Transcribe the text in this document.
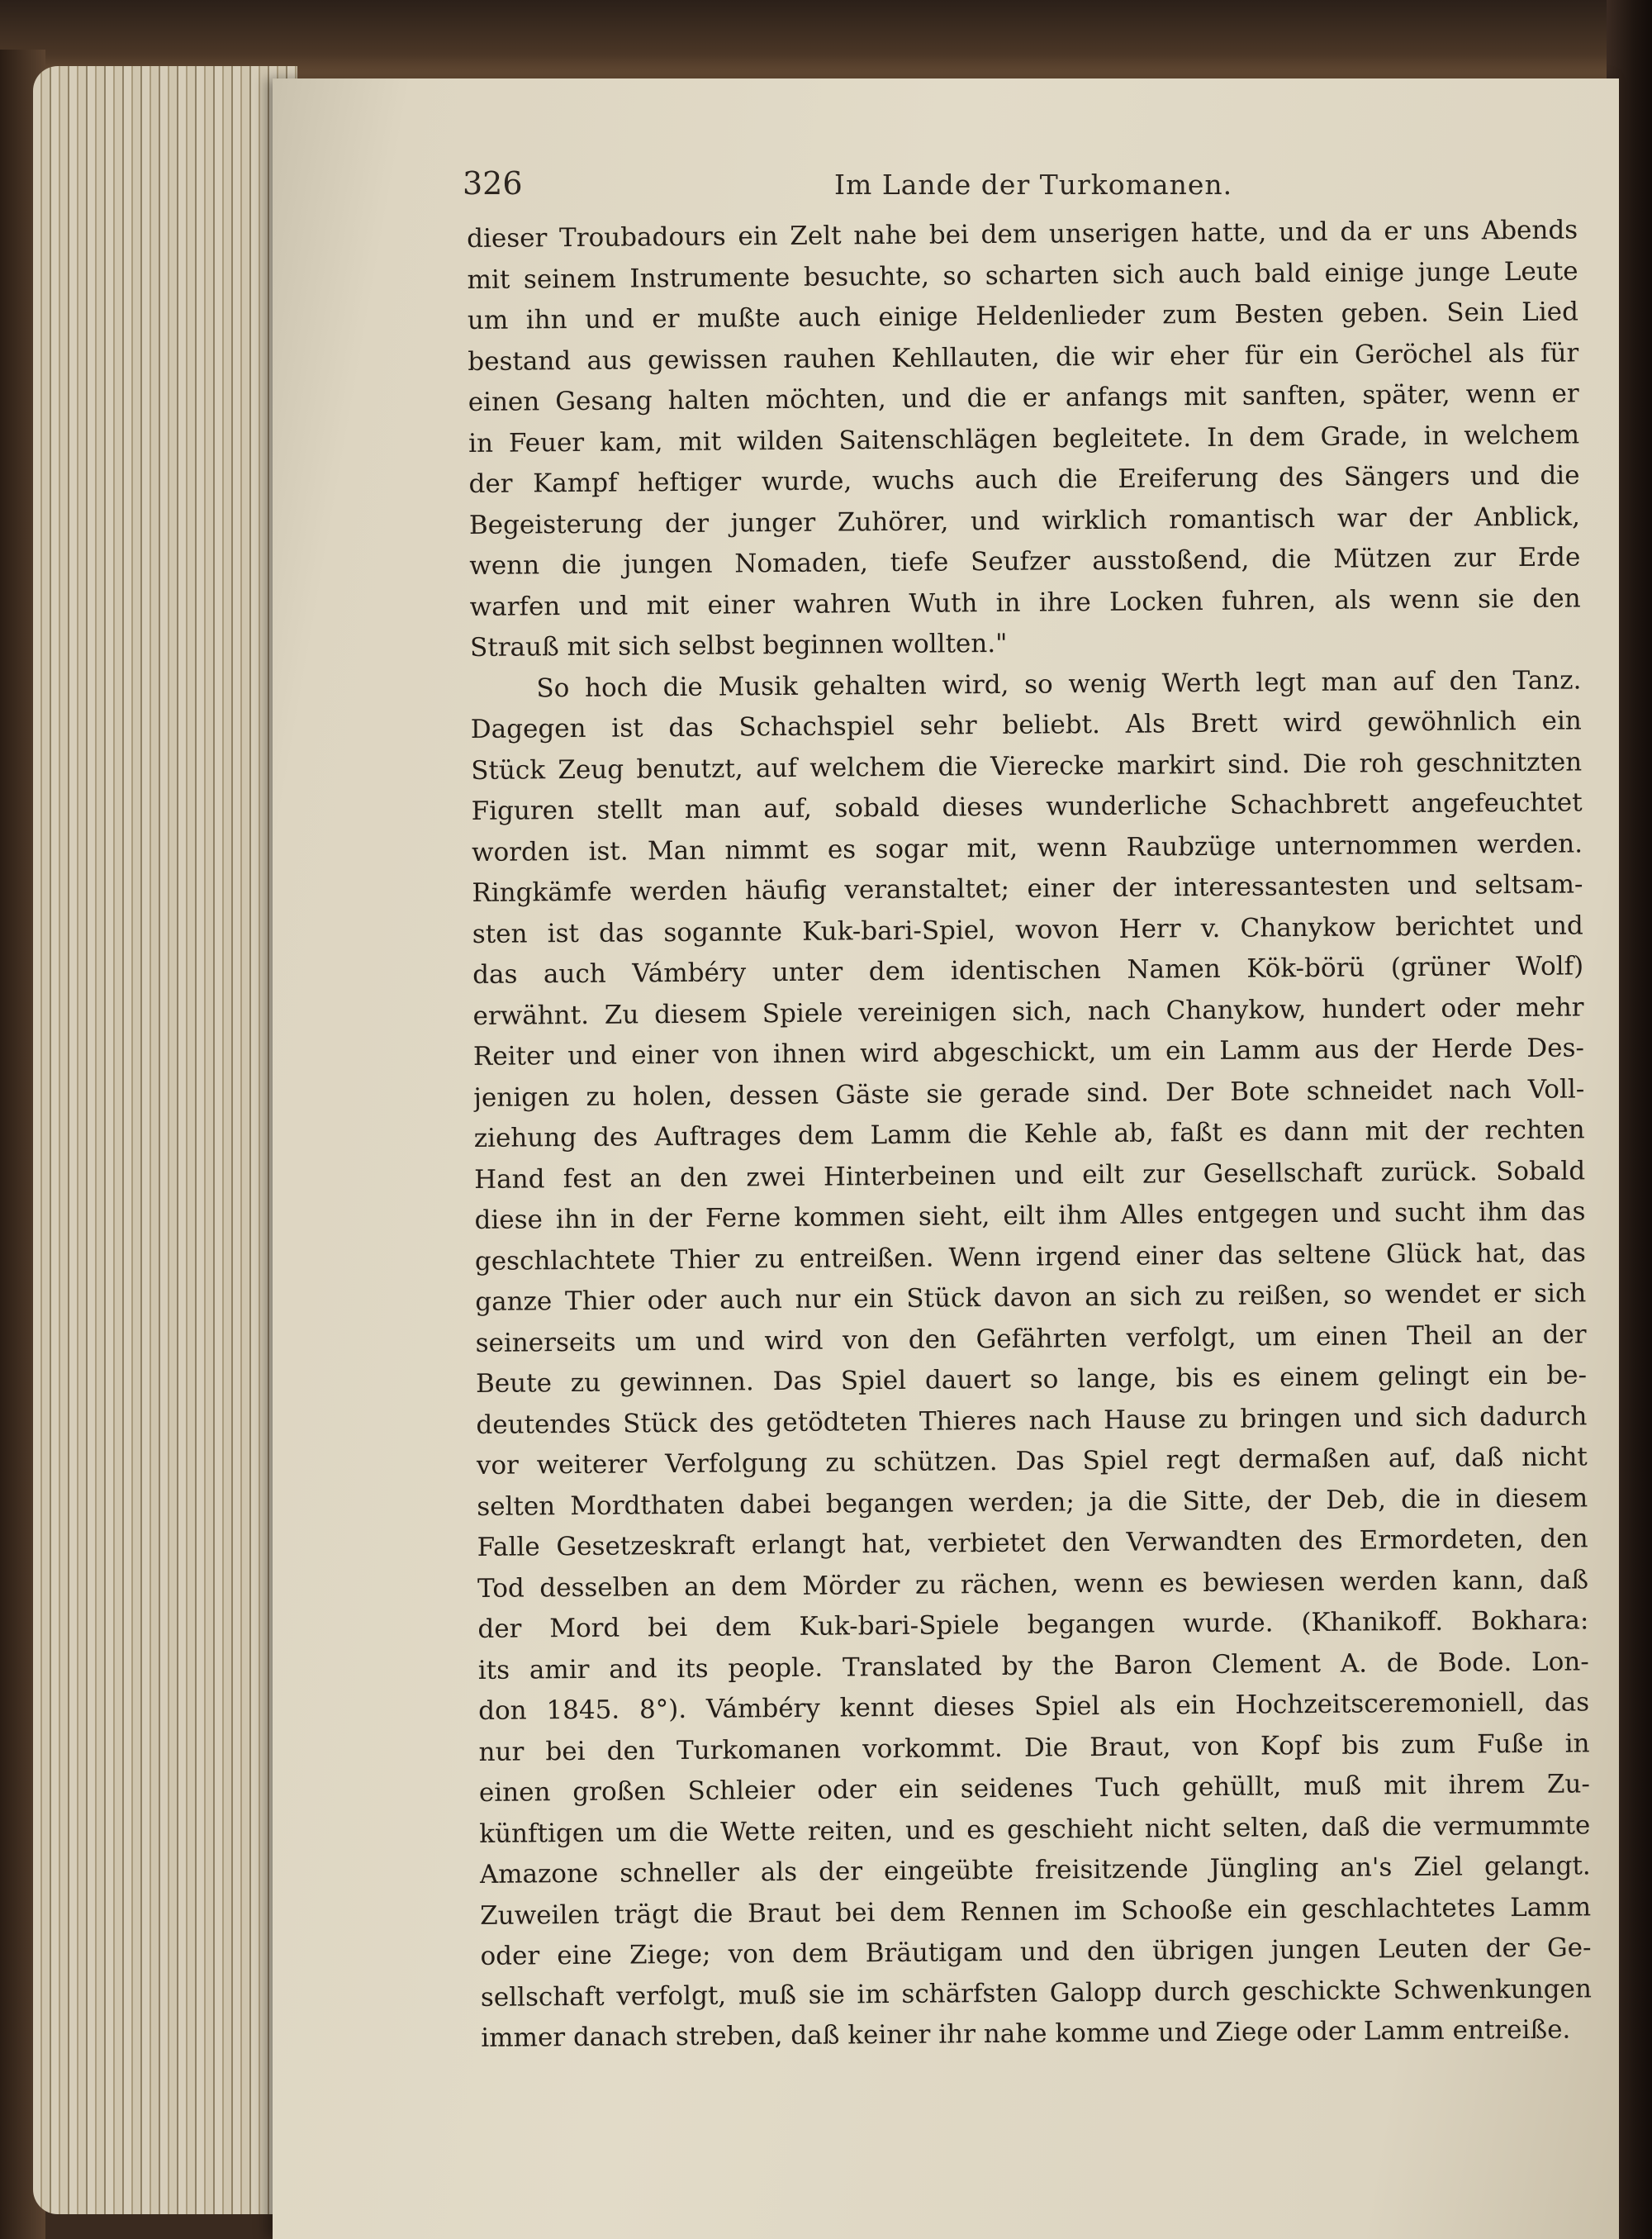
326	Im Lande der Turkomanen.
dieser Troubadours ein Zelt nahe bei dem unserigen hatte, und da er uns Abends
mit seinem Instrumente besuchte, so scharten sich auch bald einige junge Leute
um ihn und er mußte auch einige Heldenlieder zum Besten geben. Sein Lied
bestand aus gewissen rauhen Kehllauten, die wir eher für ein Geröchel als für
einen Gesang halten möchten, und die er anfangs mit sanften, später, wenn er
in Feuer kam, mit wilden Saitenschlägen begleitete. In dem Grade, in welchem
der Kampf heftiger wurde, wuchs auch die Ereiferung des Sängers und die
Begeisterung der junger Zuhörer, und wirklich romantisch war der Anblick,
wenn die jungen Nomaden, tiefe Seufzer ausstoßend, die Mützen zur Erde
warfen und mit einer wahren Wuth in ihre Locken fuhren, als wenn sie den
Strauß mit sich selbst beginnen wollten."
So hoch die Musik gehalten wird, so wenig Werth legt man auf den Tanz.
Dagegen ist das Schachspiel sehr beliebt. Als Brett wird gewöhnlich ein
Stück Zeug benutzt, auf welchem die Vierecke markirt sind. Die roh geschnitzten
Figuren stellt man auf, sobald dieses wunderliche Schachbrett angefeuchtet
worden ist. Man nimmt es sogar mit, wenn Raubzüge unternommen werden.
Ringkämfe werden häufig veranstaltet; einer der interessantesten und seltsam-
sten ist das sogannte Kuk-bari-Spiel, wovon Herr v. Chanykow berichtet und
das auch Vámbéry unter dem identischen Namen Kök-börü (grüner Wolf)
erwähnt. Zu diesem Spiele vereinigen sich, nach Chanykow, hundert oder mehr
Reiter und einer von ihnen wird abgeschickt, um ein Lamm aus der Herde Des-
jenigen zu holen, dessen Gäste sie gerade sind. Der Bote schneidet nach Voll-
ziehung des Auftrages dem Lamm die Kehle ab, faßt es dann mit der rechten
Hand fest an den zwei Hinterbeinen und eilt zur Gesellschaft zurück. Sobald
diese ihn in der Ferne kommen sieht, eilt ihm Alles entgegen und sucht ihm das
geschlachtete Thier zu entreißen. Wenn irgend einer das seltene Glück hat, das
ganze Thier oder auch nur ein Stück davon an sich zu reißen, so wendet er sich
seinerseits um und wird von den Gefährten verfolgt, um einen Theil an der
Beute zu gewinnen. Das Spiel dauert so lange, bis es einem gelingt ein be-
deutendes Stück des getödteten Thieres nach Hause zu bringen und sich dadurch
vor weiterer Verfolgung zu schützen. Das Spiel regt dermaßen auf, daß nicht
selten Mordthaten dabei begangen werden; ja die Sitte, der Deb, die in diesem
Falle Gesetzeskraft erlangt hat, verbietet den Verwandten des Ermordeten, den
Tod desselben an dem Mörder zu rächen, wenn es bewiesen werden kann, daß
der Mord bei dem Kuk-bari-Spiele begangen wurde. (Khanikoff. Bokhara:
its amir and its people. Translated by the Baron Clement A. de Bode. Lon-
don 1845. 8°). Vámbéry kennt dieses Spiel als ein Hochzeitsceremoniell, das
nur bei den Turkomanen vorkommt. Die Braut, von Kopf bis zum Fuße in
einen großen Schleier oder ein seidenes Tuch gehüllt, muß mit ihrem Zu-
künftigen um die Wette reiten, und es geschieht nicht selten, daß die vermummte
Amazone schneller als der eingeübte freisitzende Jüngling an's Ziel gelangt.
Zuweilen trägt die Braut bei dem Rennen im Schooße ein geschlachtetes Lamm
oder eine Ziege; von dem Bräutigam und den übrigen jungen Leuten der Ge-
sellschaft verfolgt, muß sie im schärfsten Galopp durch geschickte Schwenkungen
immer danach streben, daß keiner ihr nahe komme und Ziege oder Lamm entreiße.
